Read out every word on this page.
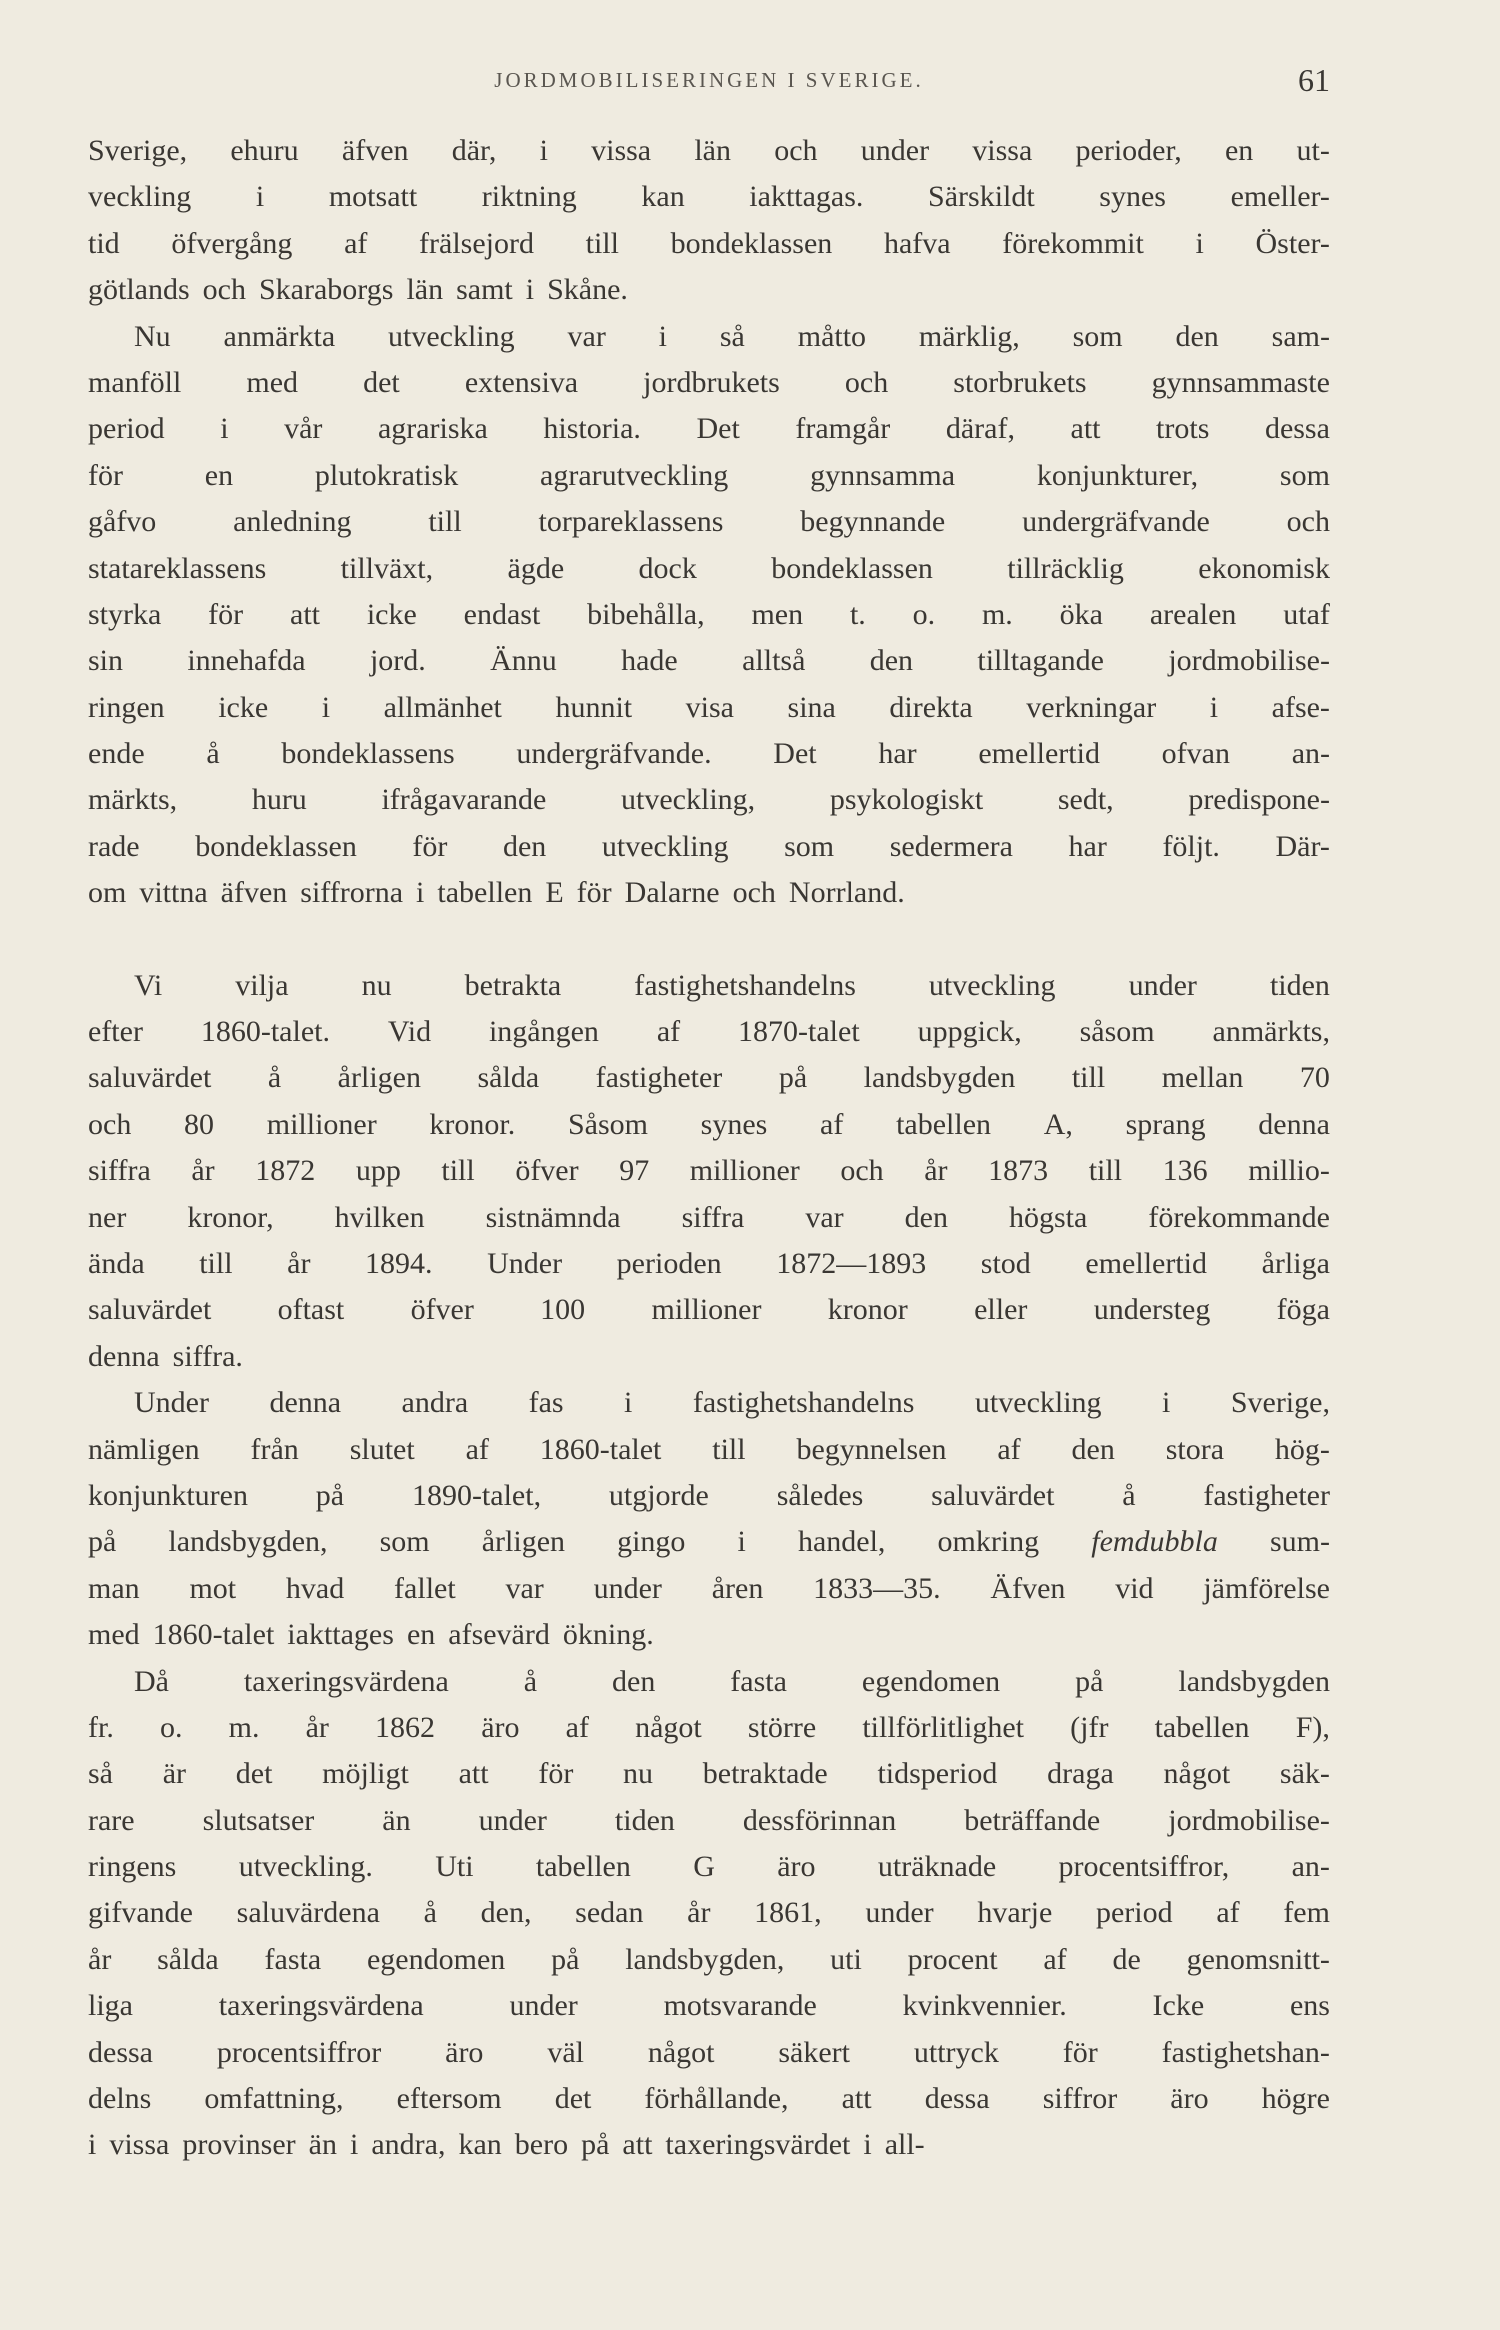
JORDMOBILISERINGEN I SVERIGE.	61
Sverige, ehuru äfven där, i vissa län och under vissa perioder, en ut-
veckling i motsatt riktning kan iakttagas. Särskildt synes emeller-
tid öfvergång af frälsejord till bondeklassen hafva förekommit i Öster-
götlands och Skaraborgs län samt i Skåne.
Nu anmärkta utveckling var i så måtto märklig, som den sam-
manföll med det extensiva jordbrukets och storbrukets gynnsammaste
period i vår agrariska historia. Det framgår däraf, att trots dessa
för	en	plutokratisk	agrarutveckling	gynnsamma	konjunkturer,	som
gåfvo	anledning	till	torpareklassens	begynnande	undergräfvande	och
statareklassens tillväxt, ägde dock bondeklassen tillräcklig ekonomisk
styrka för att icke endast bibehålla, men t. o. m. öka arealen utaf
sin innehafda jord. Ännu hade alltså den tilltagande jordmobilise-
ringen icke i allmänhet hunnit visa sina direkta verkningar i afse-
ende å bondeklassens undergräfvande. Det har emellertid ofvan an-
märkts, huru ifrågavarande utveckling, psykologiskt sedt, predispone-
rade bondeklassen för den utveckling som sedermera har följt. Där-
om vittna äfven siffrorna i tabellen E för Dalarne och Norrland.
Vi vilja nu betrakta fastighetshandelns utveckling under tiden
efter 1860-talet. Vid ingången af 1870-talet uppgick, såsom anmärkts,
saluvärdet å årligen sålda fastigheter på landsbygden till mellan 70
och 80 millioner kronor. Såsom synes af tabellen A, sprang denna
siffra år 1872 upp till öfver 97 millioner och år 1873 till 136 millio-
ner kronor, hvilken sistnämnda siffra var den högsta förekommande
ända till år 1894. Under perioden 1872—1893 stod emellertid årliga
saluvärdet oftast öfver 100 millioner kronor eller understeg föga
denna siffra.
Under denna andra fas i fastighetshandelns utveckling i Sverige,
nämligen från slutet af 1860-talet till begynnelsen af den stora hög-
konjunkturen på 1890-talet, utgjorde således saluvärdet å fastigheter
på landsbygden, som årligen gingo i handel, omkring femdubbla sum-
man mot hvad fallet var under åren 1833—35. Äfven vid jämförelse
med 1860-talet iakttages en afsevärd ökning.
Då taxeringsvärdena å den fasta egendomen på landsbygden
fr. o. m. år 1862 äro af något större tillförlitlighet (jfr tabellen F),
så är det möjligt att för nu betraktade tidsperiod draga något säk-
rare slutsatser än under tiden dessförinnan beträffande jordmobilise-
ringens utveckling. Uti tabellen G äro uträknade procentsiffror, an-
gifvande saluvärdena å den, sedan år 1861, under hvarje period af fem
år sålda fasta egendomen på landsbygden, uti procent af de genomsnitt-
liga	taxeringsvärdena	under	motsvarande	kvinkvennier.	Icke	ens
dessa procentsiffror äro väl något säkert uttryck för fastighetshan-
delns omfattning, eftersom det förhållande, att dessa siffror äro högre
i vissa provinser än i andra, kan bero på att taxeringsvärdet i all-
